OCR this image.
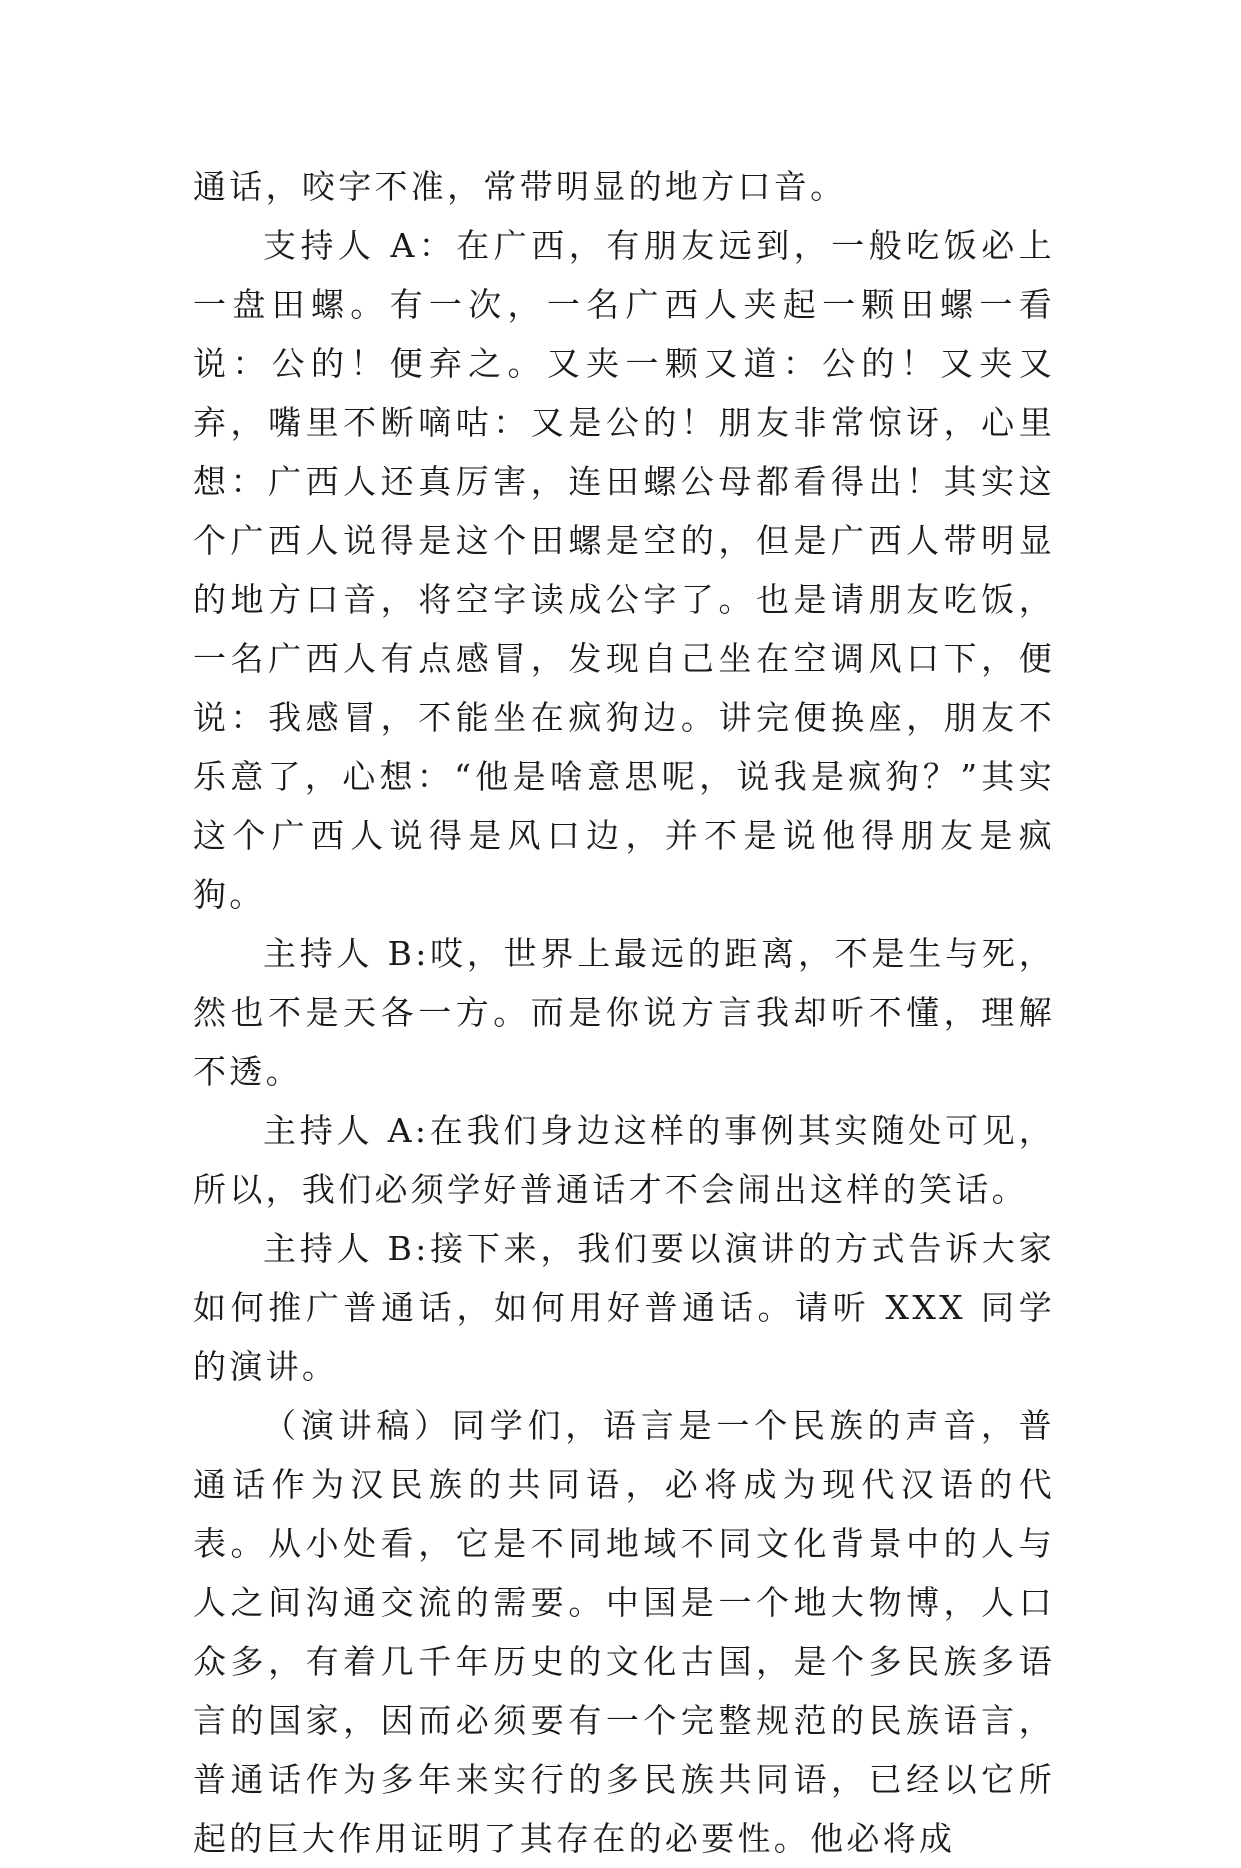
通话，咬字不准，常带明显的地方口音。

支持人 A：在广西，有朋友远到，一般吃饭必上一盘田螺。有一次，一名广西人夹起一颗田螺一看说：公的！便弃之。又夹一颗又道：公的！又夹又弃，嘴里不断嘀咕：又是公的！朋友非常惊讶，心里想：广西人还真厉害，连田螺公母都看得出！其实这个广西人说得是这个田螺是空的，但是广西人带明显的地方口音，将空字读成公字了。也是请朋友吃饭，一名广西人有点感冒，发现自己坐在空调风口下，便说：我感冒，不能坐在疯狗边。讲完便换座，朋友不乐意了，心想：“他是啥意思呢，说我是疯狗？”其实这个广西人说得是风口边，并不是说他得朋友是疯狗。

主持人 B:哎，世界上最远的距离，不是生与死，然也不是天各一方。而是你说方言我却听不懂，理解不透。

主持人 A:在我们身边这样的事例其实随处可见，所以，我们必须学好普通话才不会闹出这样的笑话。

主持人 B:接下来，我们要以演讲的方式告诉大家如何推广普通话，如何用好普通话。请听 XXX 同学的演讲。

（演讲稿）同学们，语言是一个民族的声音，普通话作为汉民族的共同语，必将成为现代汉语的代表。从小处看，它是不同地域不同文化背景中的人与人之间沟通交流的需要。中国是一个地大物博，人口众多，有着几千年历史的文化古国，是个多民族多语言的国家，因而必须要有一个完整规范的民族语言，普通话作为多年来实行的多民族共同语，已经以它所起的巨大作用证明了其存在的必要性。他必将成
